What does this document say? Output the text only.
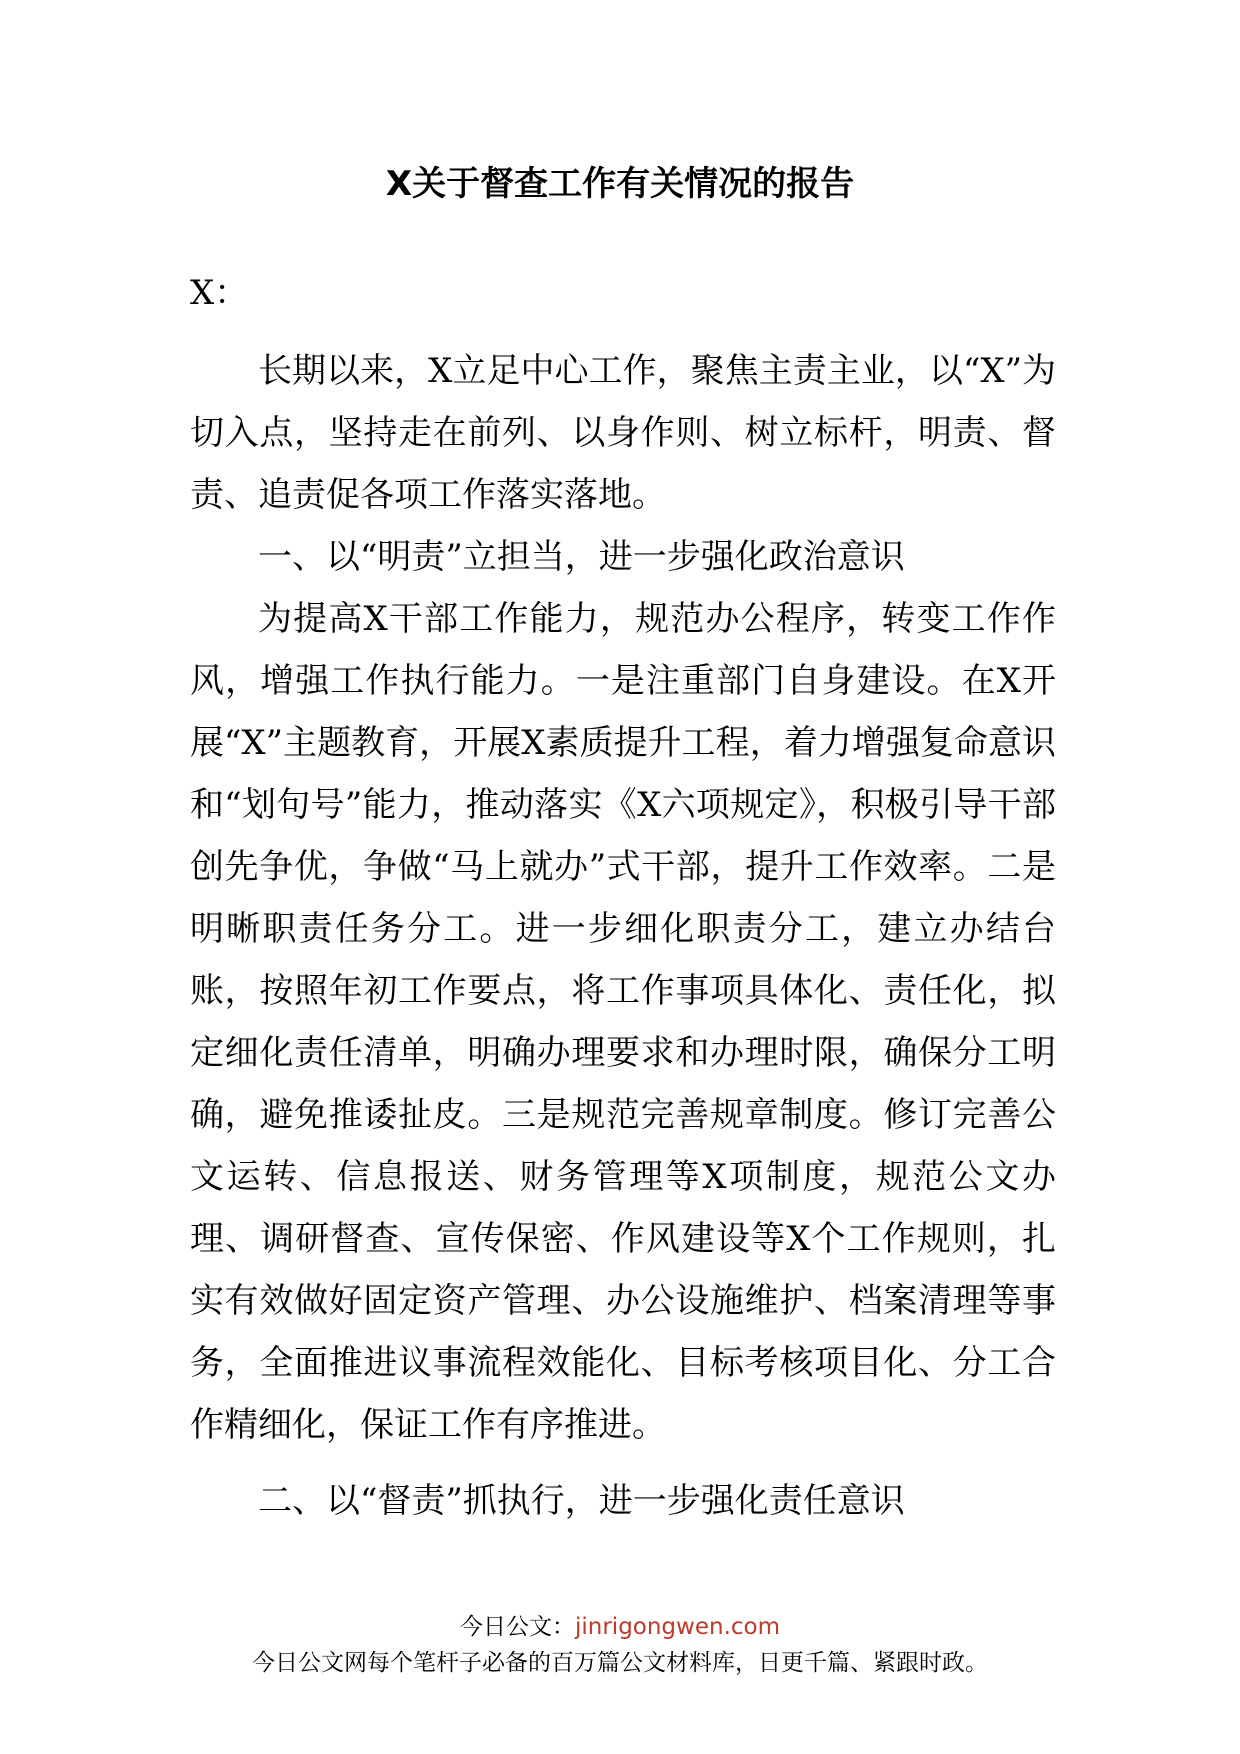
X关于督查工作有关情况的报告

X：

长期以来，X立足中心工作，聚焦主责主业，以“X”为切入点，坚持走在前列、以身作则、树立标杆，明责、督责、追责促各项工作落实落地。

一、以“明责”立担当，进一步强化政治意识

为提高X干部工作能力，规范办公程序，转变工作作风，增强工作执行能力。一是注重部门自身建设。在X开展“X”主题教育，开展X素质提升工程，着力增强复命意识和“划句号”能力，推动落实《X六项规定》，积极引导干部创先争优，争做“马上就办”式干部，提升工作效率。二是明晰职责任务分工。进一步细化职责分工，建立办结台账，按照年初工作要点，将工作事项具体化、责任化，拟定细化责任清单，明确办理要求和办理时限，确保分工明确，避免推诿扯皮。三是规范完善规章制度。修订完善公文运转、信息报送、财务管理等X项制度，规范公文办理、调研督查、宣传保密、作风建设等X个工作规则，扎实有效做好固定资产管理、办公设施维护、档案清理等事务，全面推进议事流程效能化、目标考核项目化、分工合作精细化，保证工作有序推进。

二、以“督责”抓执行，进一步强化责任意识

今日公文：jinrigongwen.com
今日公文网每个笔杆子必备的百万篇公文材料库，日更千篇、紧跟时政。
